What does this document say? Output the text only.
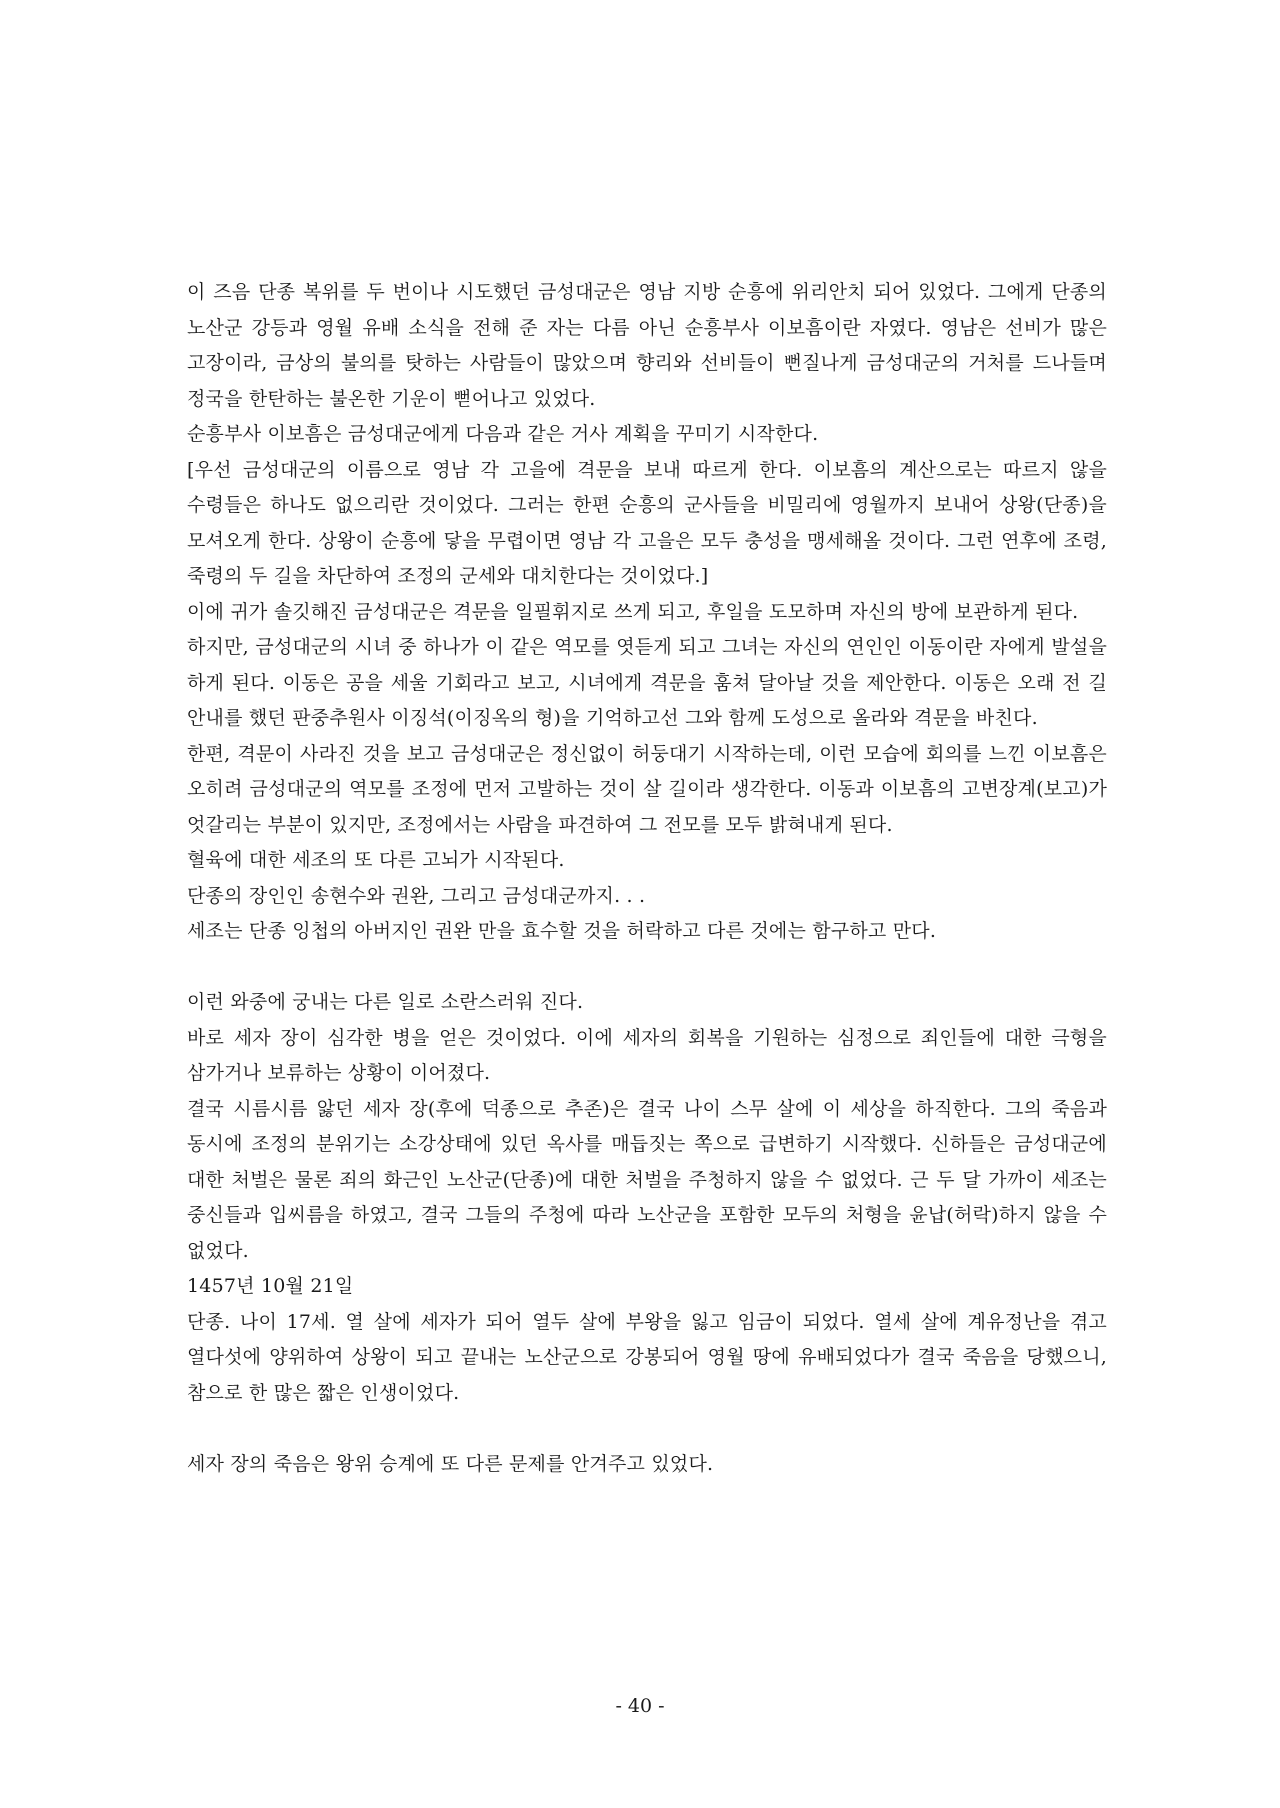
이 즈음 단종 복위를 두 번이나 시도했던 금성대군은 영남 지방 순흥에 위리안치 되어 있었다. 그에게 단종의 노산군 강등과 영월 유배 소식을 전해 준 자는 다름 아닌 순흥부사 이보흠이란 자였다. 영남은 선비가 많은 고장이라, 금상의 불의를 탓하는 사람들이 많았으며 향리와 선비들이 뻔질나게 금성대군의 거처를 드나들며 정국을 한탄하는 불온한 기운이 뻗어나고 있었다.

순흥부사 이보흠은 금성대군에게 다음과 같은 거사 계획을 꾸미기 시작한다.

[우선 금성대군의 이름으로 영남 각 고을에 격문을 보내 따르게 한다. 이보흠의 계산으로는 따르지 않을 수령들은 하나도 없으리란 것이었다. 그러는 한편 순흥의 군사들을 비밀리에 영월까지 보내어 상왕(단종)을 모셔오게 한다. 상왕이 순흥에 닿을 무렵이면 영남 각 고을은 모두 충성을 맹세해올 것이다. 그런 연후에 조령, 죽령의 두 길을 차단하여 조정의 군세와 대치한다는 것이었다.]

이에 귀가 솔깃해진 금성대군은 격문을 일필휘지로 쓰게 되고, 후일을 도모하며 자신의 방에 보관하게 된다.

하지만, 금성대군의 시녀 중 하나가 이 같은 역모를 엿듣게 되고 그녀는 자신의 연인인 이동이란 자에게 발설을 하게 된다. 이동은 공을 세울 기회라고 보고, 시녀에게 격문을 훔쳐 달아날 것을 제안한다. 이동은 오래 전 길 안내를 했던 판중추원사 이징석(이징옥의 형)을 기억하고선 그와 함께 도성으로 올라와 격문을 바친다.

한편, 격문이 사라진 것을 보고 금성대군은 정신없이 허둥대기 시작하는데, 이런 모습에 회의를 느낀 이보흠은 오히려 금성대군의 역모를 조정에 먼저 고발하는 것이 살 길이라 생각한다. 이동과 이보흠의 고변장계(보고)가 엇갈리는 부분이 있지만, 조정에서는 사람을 파견하여 그 전모를 모두 밝혀내게 된다.

혈육에 대한 세조의 또 다른 고뇌가 시작된다.

단종의 장인인 송현수와 권완, 그리고 금성대군까지. . .

세조는 단종 잉첩의 아버지인 권완 만을 효수할 것을 허락하고 다른 것에는 함구하고 만다.

이런 와중에 궁내는 다른 일로 소란스러워 진다.

바로 세자 장이 심각한 병을 얻은 것이었다. 이에 세자의 회복을 기원하는 심정으로 죄인들에 대한 극형을 삼가거나 보류하는 상황이 이어졌다.

결국 시름시름 앓던 세자 장(후에 덕종으로 추존)은 결국 나이 스무 살에 이 세상을 하직한다. 그의 죽음과 동시에 조정의 분위기는 소강상태에 있던 옥사를 매듭짓는 쪽으로 급변하기 시작했다. 신하들은 금성대군에 대한 처벌은 물론 죄의 화근인 노산군(단종)에 대한 처벌을 주청하지 않을 수 없었다. 근 두 달 가까이 세조는 중신들과 입씨름을 하였고, 결국 그들의 주청에 따라 노산군을 포함한 모두의 처형을 윤납(허락)하지 않을 수 없었다.

1457년 10월 21일

단종. 나이 17세. 열 살에 세자가 되어 열두 살에 부왕을 잃고 임금이 되었다. 열세 살에 계유정난을 겪고 열다섯에 양위하여 상왕이 되고 끝내는 노산군으로 강봉되어 영월 땅에 유배되었다가 결국 죽음을 당했으니, 참으로 한 많은 짧은 인생이었다.

세자 장의 죽음은 왕위 승계에 또 다른 문제를 안겨주고 있었다.

- 40 -
